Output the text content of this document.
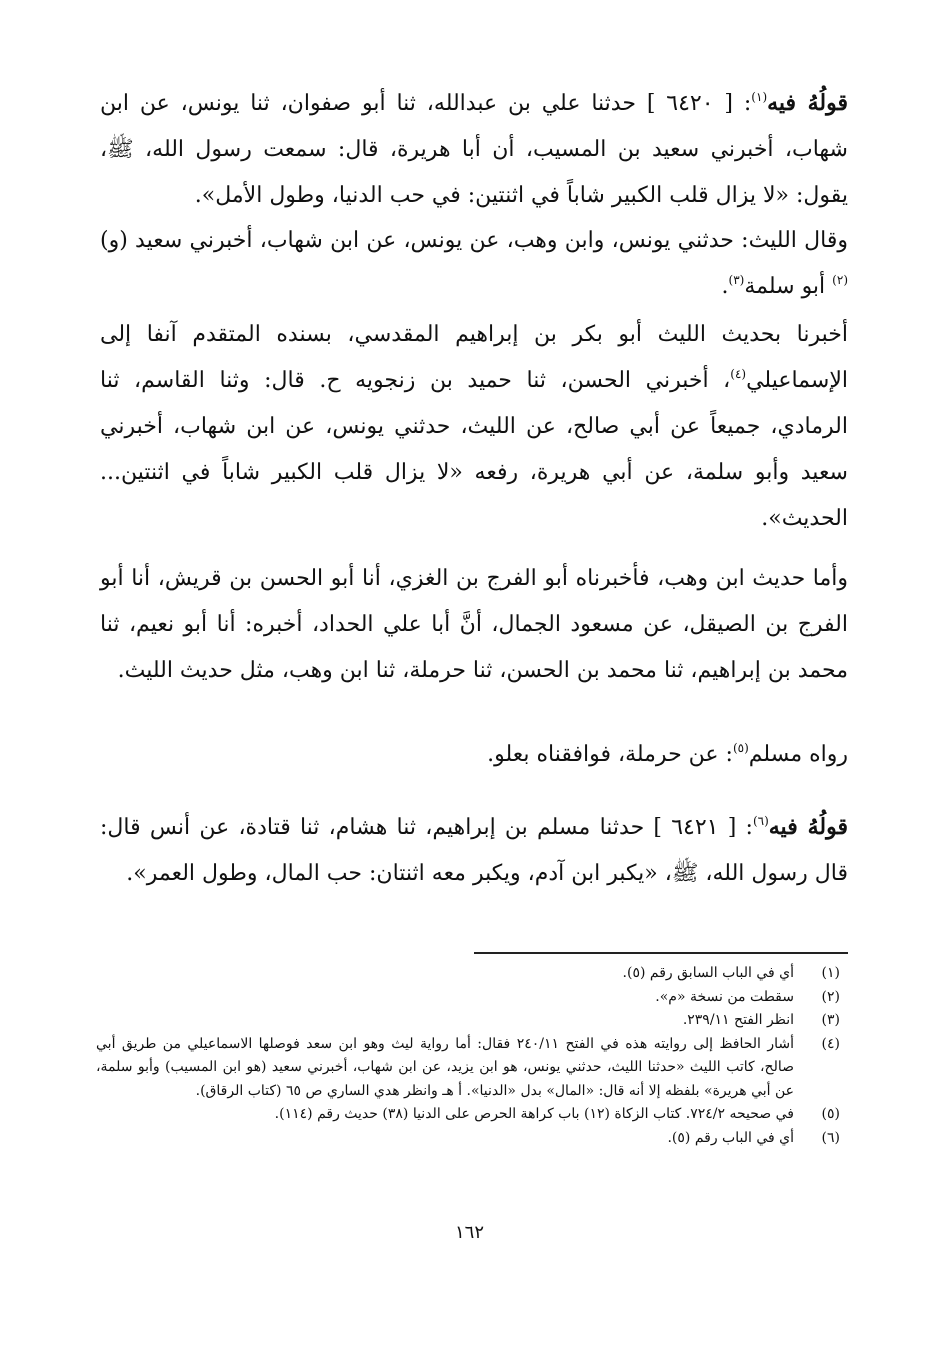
قولُهُ فيه$^{(١)}$: [ ٦٤٢٠ ] حدثنا علي بن عبدالله، ثنا أبو صفوان، ثنا يونس، عن ابن شهاب، أخبرني سعيد بن المسيب، أن أبا هريرة، قال: سمعت رسول الله، ﷺ، يقول: «لا يزال قلب الكبير شاباً في اثنتين: في حب الدنيا، وطول الأمل».

وقال الليث: حدثني يونس، وابن وهب، عن يونس، عن ابن شهاب، أخبرني سعيد (و)$^{(٢)}$ أبو سلمة$^{(٣)}$.

أخبرنا بحديث الليث أبو بكر بن إبراهيم المقدسي، بسنده المتقدم آنفا إلى الإسماعيلي$^{(٤)}$، أخبرني الحسن، ثنا حميد بن زنجويه ح. قال: وثنا القاسم، ثنا الرمادي، جميعاً عن أبي صالح، عن الليث، حدثني يونس، عن ابن شهاب، أخبرني سعيد وأبو سلمة، عن أبي هريرة، رفعه «لا يزال قلب الكبير شاباً في اثنتين... الحديث».

وأما حديث ابن وهب، فأخبرناه أبو الفرج بن الغزي، أنا أبو الحسن بن قريش، أنا أبو الفرج بن الصيقل، عن مسعود الجمال، أنَّ أبا علي الحداد، أخبره: أنا أبو نعيم، ثنا محمد بن إبراهيم، ثنا محمد بن الحسن، ثنا حرملة، ثنا ابن وهب، مثل حديث الليث.

رواه مسلم$^{(٥)}$: عن حرملة، فوافقناه بعلو.

قولُهُ فيه$^{(٦)}$: [ ٦٤٢١ ] حدثنا مسلم بن إبراهيم، ثنا هشام، ثنا قتادة، عن أنس قال: قال رسول الله، ﷺ، «يكبر ابن آدم، ويكبر معه اثنتان: حب المال، وطول العمر».

(١)
أي في الباب السابق رقم (٥).
(٢)
سقطت من نسخة «م».
(٣)
انظر الفتح ٢٣٩/١١.
(٤)
أشار الحافظ إلى روايته هذه في الفتح ٢٤٠/١١ فقال: أما رواية ليث وهو ابن سعد فوصلها الاسماعيلي من طريق أبي صالح، كاتب الليث «حدثنا الليث، حدثني يونس، هو ابن يزيد، عن ابن شهاب، أخبرني سعيد (هو ابن المسيب) وأبو سلمة، عن أبي هريرة» بلفظه إلا أنه قال: «المال» بدل «الدنيا». أ هـ وانظر هدي الساري ص ٦٥ (كتاب الرقاق).
(٥)
في صحيحه ٧٢٤/٢. كتاب الزكاة (١٢) باب كراهة الحرص على الدنيا (٣٨) حديث رقم (١١٤).
(٦)
أي في الباب رقم (٥).
١٦٢
